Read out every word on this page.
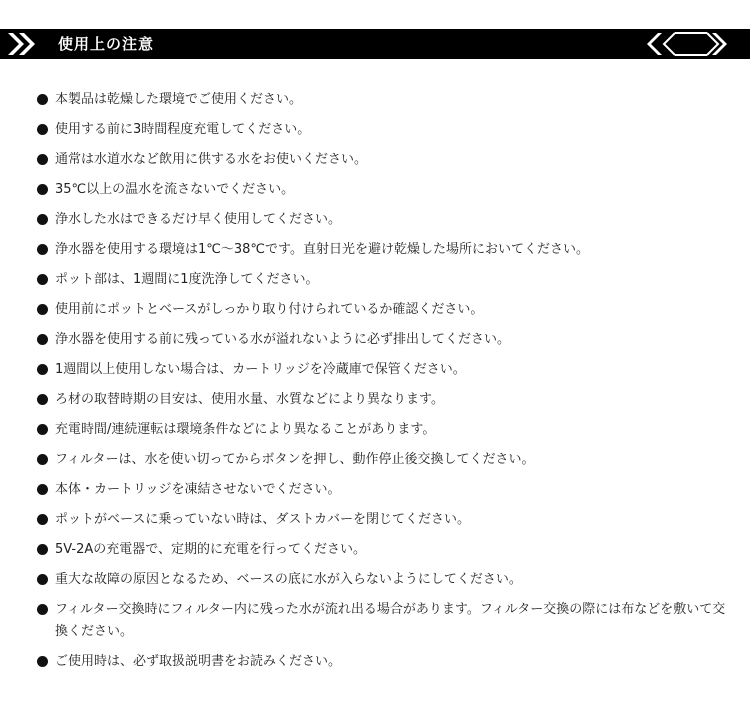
使用上の注意
本製品は乾燥した環境でご使用ください。
使用する前に3時間程度充電してください。
通常は水道水など飲用に供する水をお使いください。
35℃以上の温水を流さないでください。
浄水した水はできるだけ早く使用してください。
浄水器を使用する環境は1℃～38℃です。直射日光を避け乾燥した場所においてください。
ポット部は、1週間に1度洗浄してください。
使用前にポットとベースがしっかり取り付けられているか確認ください。
浄水器を使用する前に残っている水が溢れないように必ず排出してください。
1週間以上使用しない場合は、カートリッジを冷蔵庫で保管ください。
ろ材の取替時期の目安は、使用水量、水質などにより異なります。
充電時間/連続運転は環境条件などにより異なることがあります。
フィルターは、水を使い切ってからボタンを押し、動作停止後交換してください。
本体・カートリッジを凍結させないでください。
ポットがベースに乗っていない時は、ダストカバーを閉じてください。
5V-2Aの充電器で、定期的に充電を行ってください。
重大な故障の原因となるため、ベースの底に水が入らないようにしてください。
フィルター交換時にフィルター内に残った水が流れ出る場合があります。フィルター交換の際には布などを敷いて交換ください。
ご使用時は、必ず取扱説明書をお読みください。
